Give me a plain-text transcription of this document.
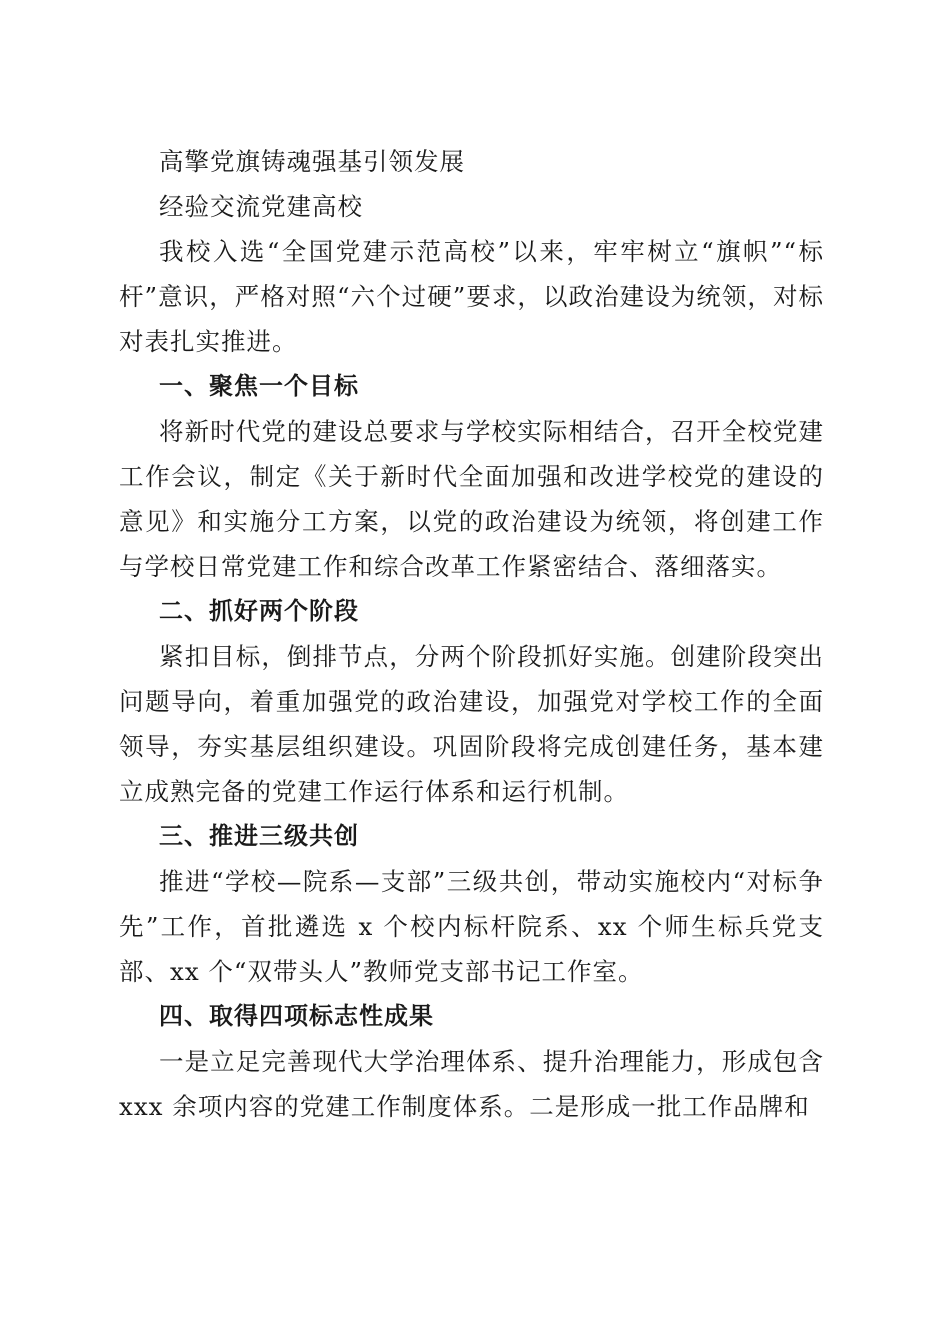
高擎党旗铸魂强基引领发展

经验交流党建高校

我校入选“全国党建示范高校”以来，牢牢树立“旗帜”“标杆”意识，严格对照“六个过硬”要求，以政治建设为统领，对标对表扎实推进。

一、聚焦一个目标

将新时代党的建设总要求与学校实际相结合，召开全校党建工作会议，制定《关于新时代全面加强和改进学校党的建设的意见》和实施分工方案，以党的政治建设为统领，将创建工作与学校日常党建工作和综合改革工作紧密结合、落细落实。

二、抓好两个阶段

紧扣目标，倒排节点，分两个阶段抓好实施。创建阶段突出问题导向，着重加强党的政治建设，加强党对学校工作的全面领导，夯实基层组织建设。巩固阶段将完成创建任务，基本建立成熟完备的党建工作运行体系和运行机制。

三、推进三级共创

推进“学校—院系—支部”三级共创，带动实施校内“对标争先”工作，首批遴选 x 个校内标杆院系、xx 个师生标兵党支部、xx 个“双带头人”教师党支部书记工作室。

四、取得四项标志性成果

一是立足完善现代大学治理体系、提升治理能力，形成包含 xxx 余项内容的党建工作制度体系。二是形成一批工作品牌和
